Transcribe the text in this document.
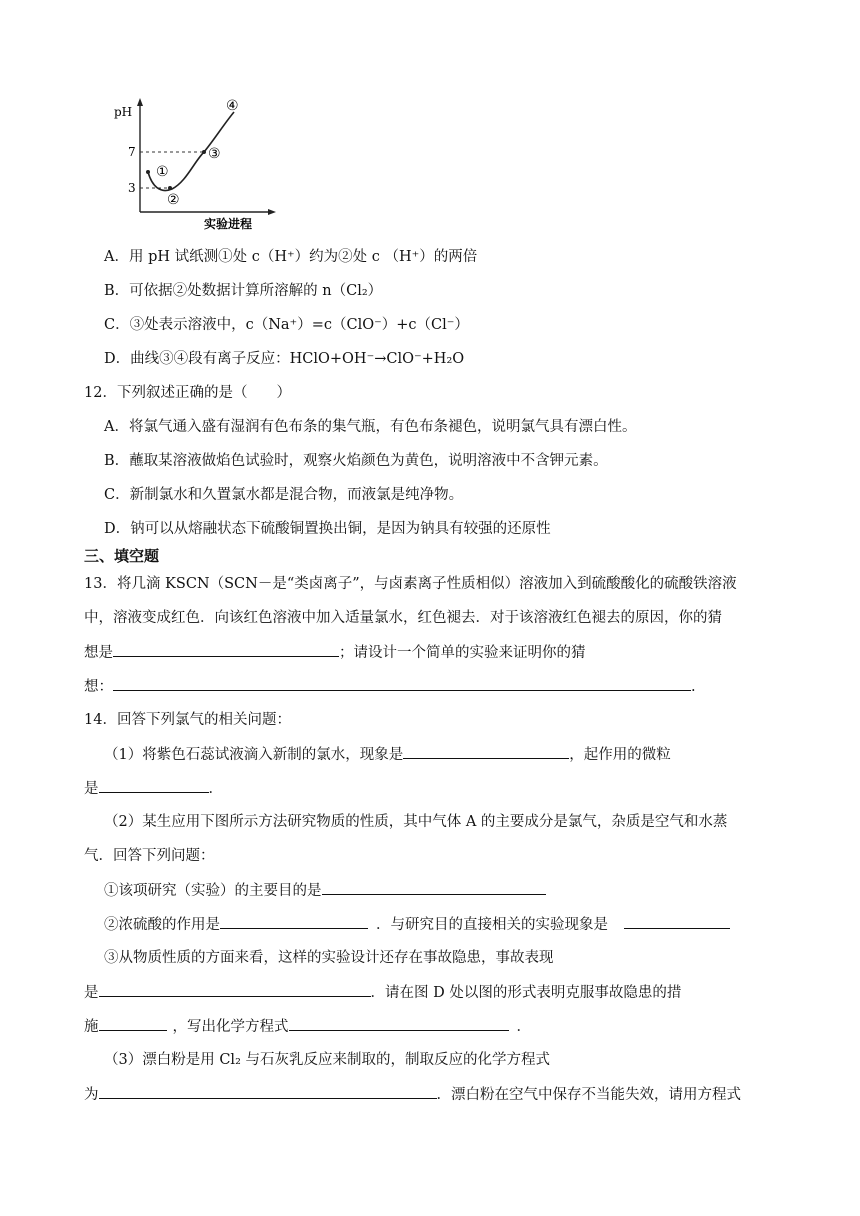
pH
7
3
①
②
③
④
实验进程
A．用 pH 试纸测①处 c（H⁺）约为②处 c （H⁺）的两倍
B．可依据②处数据计算所溶解的 n（Cl₂）
C．③处表示溶液中，c（Na⁺）=c（ClO⁻）+c（Cl⁻）
D．曲线③④段有离子反应：HClO+OH⁻→ClO⁻+H₂O
12．下列叙述正确的是（　　）
A．将氯气通入盛有湿润有色布条的集气瓶，有色布条褪色，说明氯气具有漂白性。
B．蘸取某溶液做焰色试验时，观察火焰颜色为黄色，说明溶液中不含钾元素。
C．新制氯水和久置氯水都是混合物，而液氯是纯净物。
D．钠可以从熔融状态下硫酸铜置换出铜，是因为钠具有较强的还原性
三、填空题
13．将几滴 KSCN（SCN－是“类卤离子”，与卤素离子性质相似）溶液加入到硫酸酸化的硫酸铁溶液
中，溶液变成红色．向该红色溶液中加入适量氯水，红色褪去．对于该溶液红色褪去的原因，你的猜
想是	；请设计一个简单的实验来证明你的猜
想：	.
14．回答下列氯气的相关问题：
（1）将紫色石蕊试液滴入新制的氯水，现象是	，起作用的微粒
是	．
（2）某生应用下图所示方法研究物质的性质，其中气体 A 的主要成分是氯气，杂质是空气和水蒸
气．回答下列问题：
①该项研究（实验）的主要目的是
②浓硫酸的作用是	．与研究目的直接相关的实验现象是
③从物质性质的方面来看，这样的实验设计还存在事故隐患，事故表现
是	．请在图 D 处以图的形式表明克服事故隐患的措
施	，写出化学方程式	．
（3）漂白粉是用 Cl₂ 与石灰乳反应来制取的，制取反应的化学方程式
为	．漂白粉在空气中保存不当能失效，请用方程式
